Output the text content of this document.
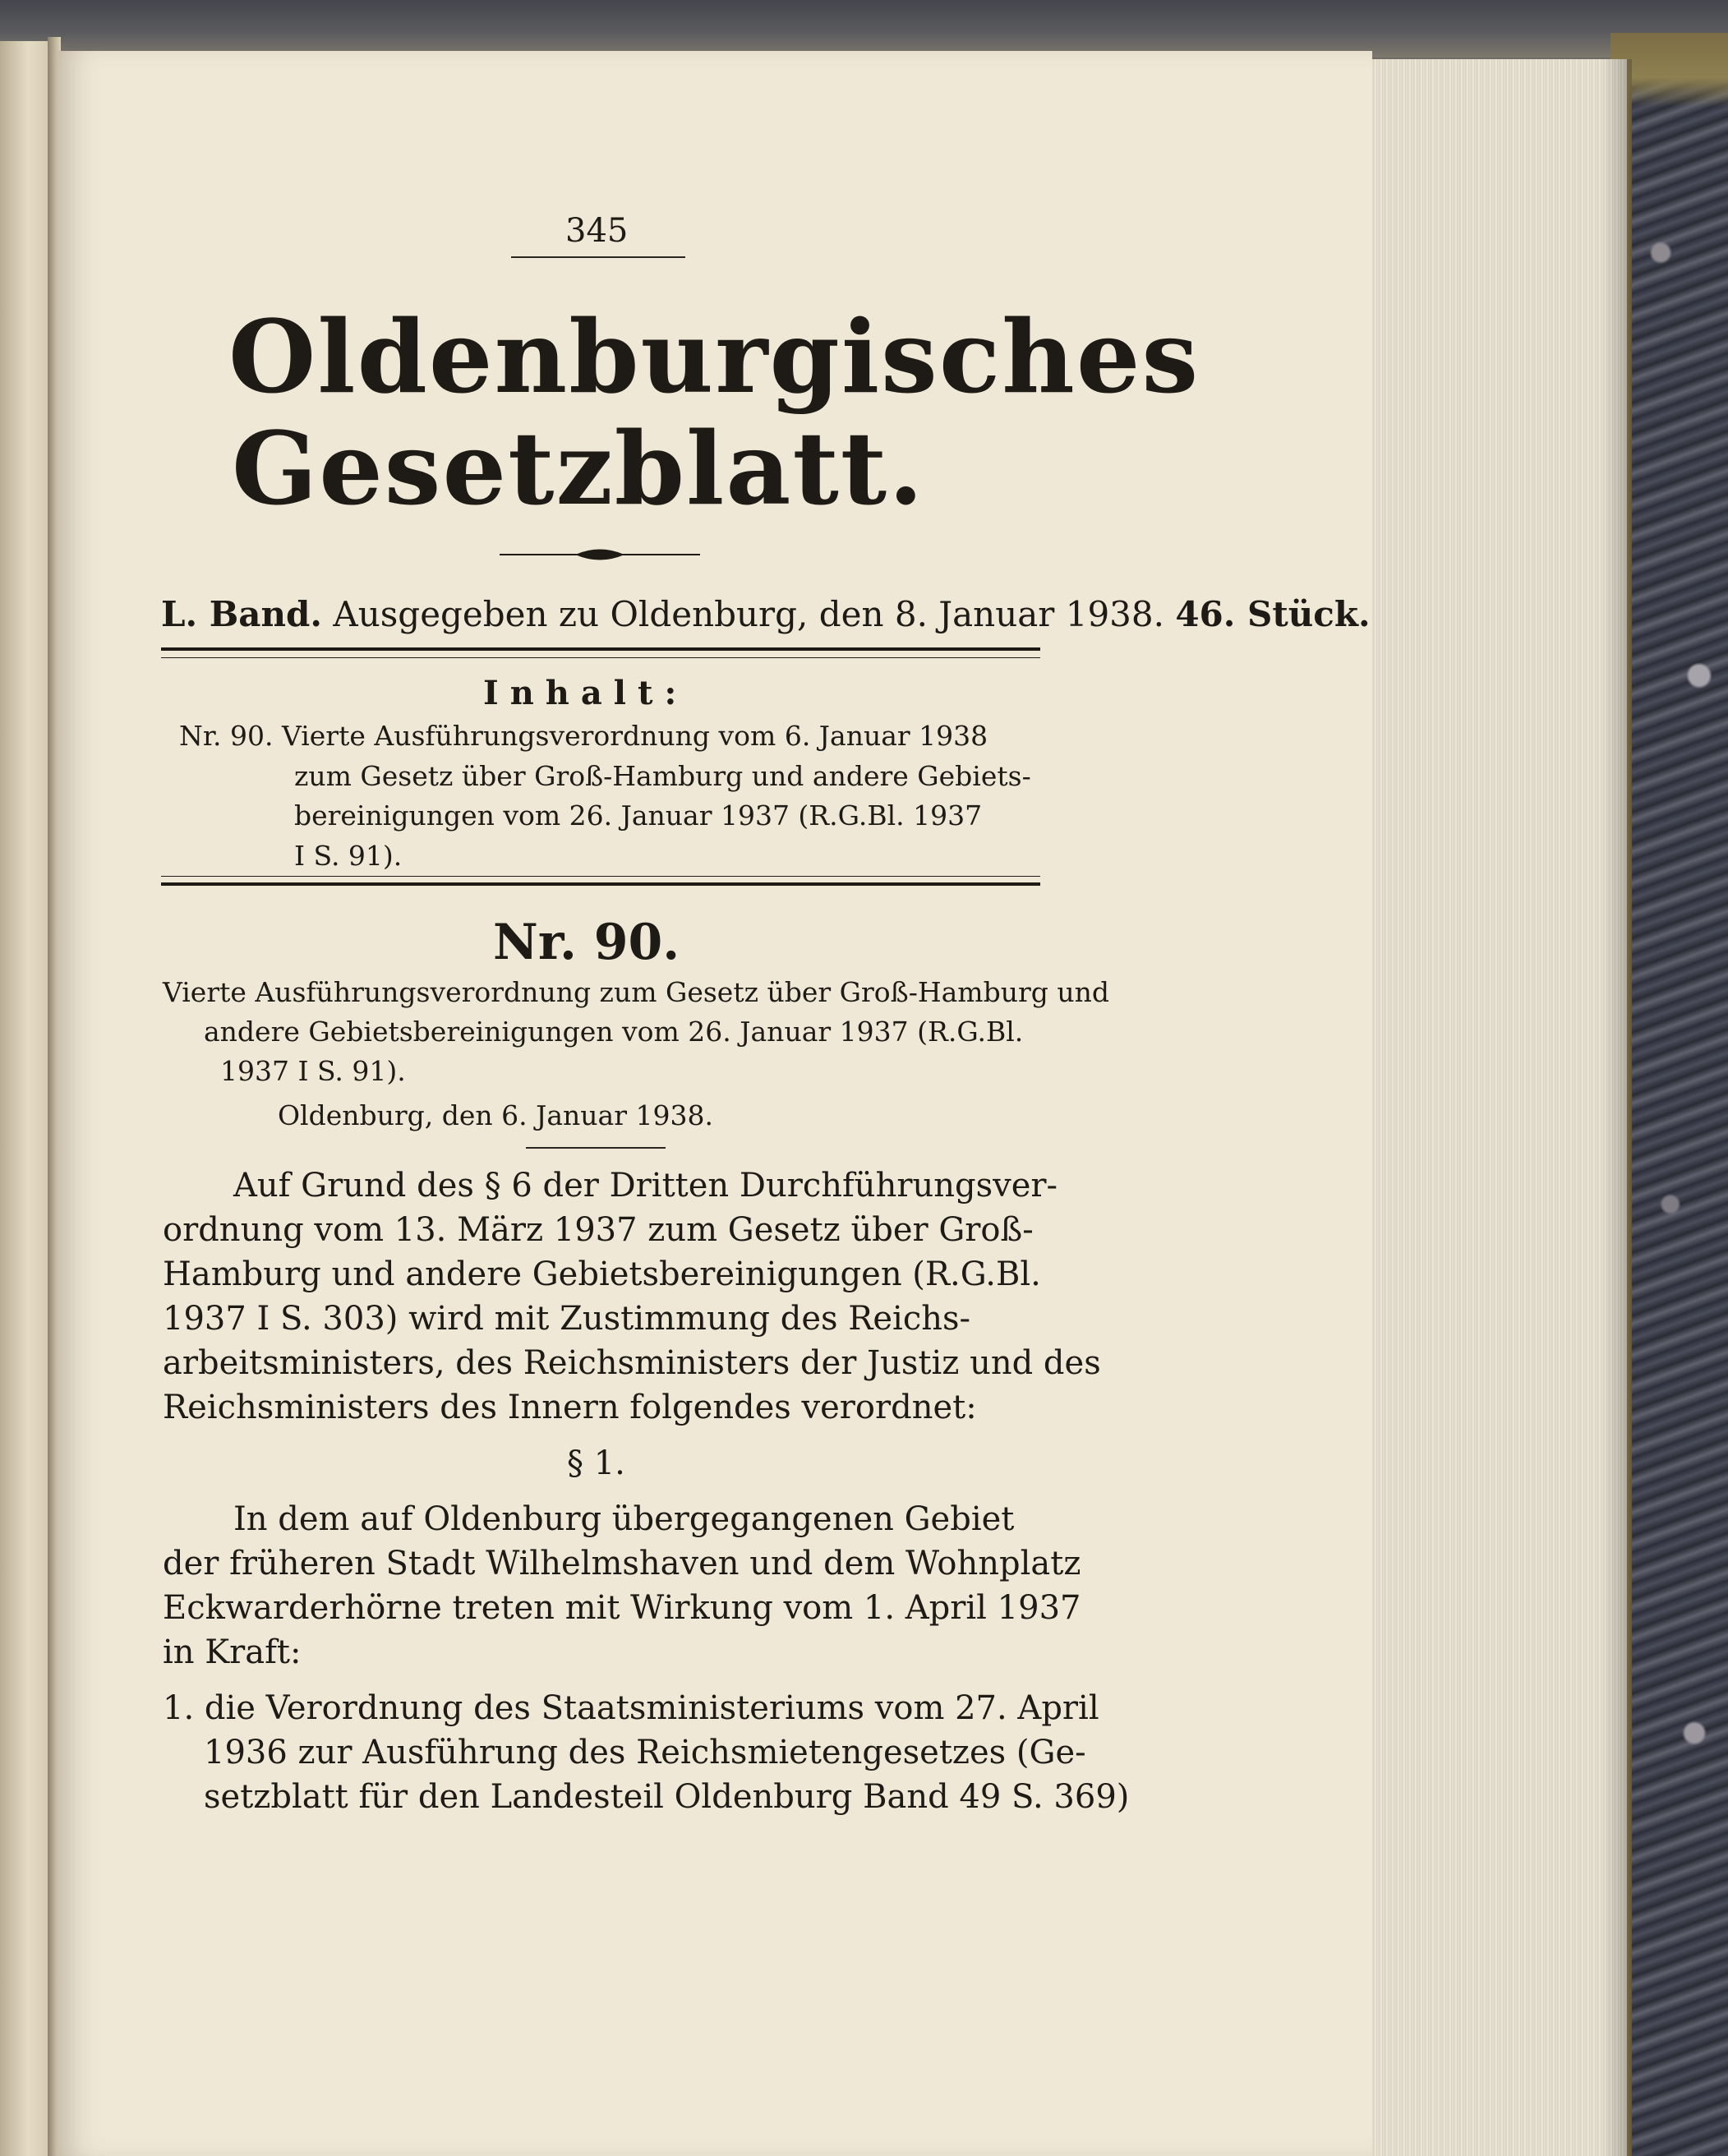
345
Oldenburgisches
Gesetzblatt.
L. Band. Ausgegeben zu Oldenburg, den 8. Januar 1938. 46. Stück.
Inhalt:
Nr. 90. Vierte Ausführungsverordnung vom 6. Januar 1938
zum Gesetz über Groß-Hamburg und andere Gebiets-
bereinigungen vom 26. Januar 1937 (R.G.Bl. 1937
I S. 91).
Nr. 90.
Vierte Ausführungsverordnung zum Gesetz über Groß-Hamburg und
andere Gebietsbereinigungen vom 26. Januar 1937 (R.G.Bl.
1937 I S. 91).
Oldenburg, den 6. Januar 1938.
Auf Grund des § 6 der Dritten Durchführungsver-
ordnung vom 13. März 1937 zum Gesetz über Groß-
Hamburg und andere Gebietsbereinigungen (R.G.Bl.
1937 I S. 303) wird mit Zustimmung des Reichs-
arbeitsministers, des Reichsministers der Justiz und des
Reichsministers des Innern folgendes verordnet:
§ 1.
In dem auf Oldenburg übergegangenen Gebiet
der früheren Stadt Wilhelmshaven und dem Wohnplatz
Eckwarderhörne treten mit Wirkung vom 1. April 1937
in Kraft:
1. die Verordnung des Staatsministeriums vom 27. April
1936 zur Ausführung des Reichsmietengesetzes (Ge-
setzblatt für den Landesteil Oldenburg Band 49 S. 369)
